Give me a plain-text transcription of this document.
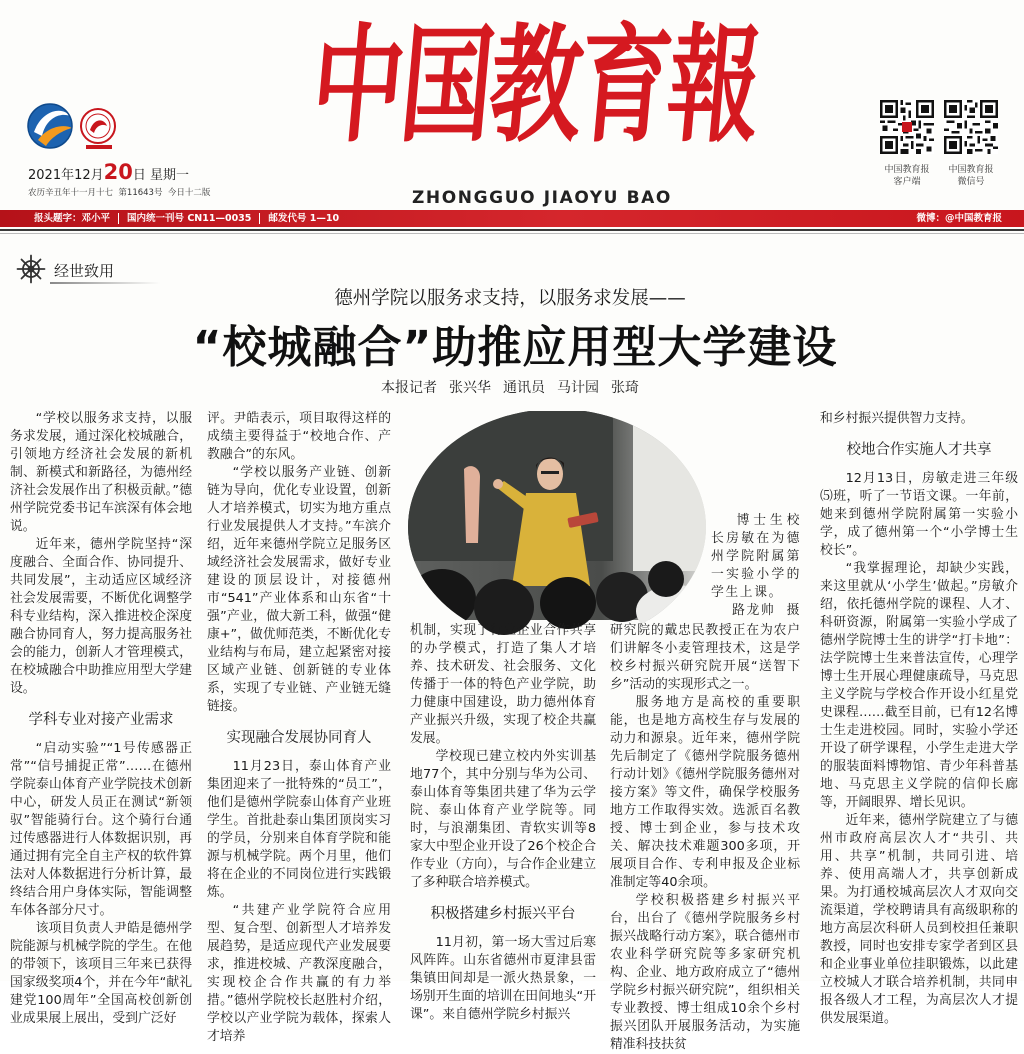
2021年12月20日 星期一
农历辛丑年十一月十七  第11643号  今日十二版
中国教育報
ZHONGGUO JIAOYU BAO
中国教育报
客户端
中国教育报
微信号
报头题字：邓小平 国内统一刊号 CN11—0035 邮发代号 1—10	微博：@中国教育报
经世致用
德州学院以服务求支持，以服务求发展——
“校城融合”助推应用型大学建设
本报记者 张兴华 通讯员 马计园 张琦
博士生校长房敏在为德州学院附属第一实验小学的学生上课。
路龙帅  摄

“学校以服务求支持，以服务求发展，通过深化校城融合，引领地方经济社会发展的新机制、新模式和新路径，为德州经济社会发展作出了积极贡献。”德州学院党委书记车滨深有体会地说。

近年来，德州学院坚持“深度融合、全面合作、协同提升、共同发展”，主动适应区域经济社会发展需要，不断优化调整学科专业结构，深入推进校企深度融合协同育人，努力提高服务社会的能力，创新人才管理模式，在校城融合中助推应用型大学建设。

学科专业对接产业需求

“启动实验”“1号传感器正常”“信号捕捉正常”……在德州学院泰山体育产业学院技术创新中心，研发人员正在测试“新领驭”智能骑行台。这个骑行台通过传感器进行人体数据识别，再通过拥有完全自主产权的软件算法对人体数据进行分析计算，最终结合用户身体实际，智能调整车体各部分尺寸。

该项目负责人尹皓是德州学院能源与机械学院的学生。在他的带领下，该项目三年来已获得国家级奖项4个，并在今年“献礼建党100周年”全国高校创新创业成果展上展出，受到广泛好

评。尹皓表示，项目取得这样的成绩主要得益于“校地合作、产教融合”的东风。

“学校以服务产业链、创新链为导向，优化专业设置，创新人才培养模式，切实为地方重点行业发展提供人才支持。”车滨介绍，近年来德州学院立足服务区域经济社会发展需求，做好专业建设的顶层设计，对接德州市“541”产业体系和山东省“十强”产业，做大新工科，做强“健康+”，做优师范类，不断优化专业结构与布局，建立起紧密对接区域产业链、创新链的专业体系，实现了专业链、产业链无缝链接。

实现融合发展协同育人

11月23日，泰山体育产业集团迎来了一批特殊的“员工”，他们是德州学院泰山体育产业班学生。首批赴泰山集团顶岗实习的学员，分别来自体育学院和能源与机械学院。两个月里，他们将在企业的不同岗位进行实践锻炼。

“共建产业学院符合应用型、复合型、创新型人才培养发展趋势，是适应现代产业发展要求，推进校城、产教深度融合，实现校企合作共赢的有力举措。”德州学院校长赵胜村介绍，学校以产业学院为载体，探索人才培养

机制，实现了行业企业合作共享的办学模式，打造了集人才培养、技术研发、社会服务、文化传播于一体的特色产业学院，助力健康中国建设，助力德州体育产业振兴升级，实现了校企共赢发展。

学校现已建立校内外实训基地77个，其中分别与华为公司、泰山体育等集团共建了华为云学院、泰山体育产业学院等。同时，与浪潮集团、青软实训等8家大中型企业开设了26个校企合作专业（方向），与合作企业建立了多种联合培养模式。

积极搭建乡村振兴平台

11月初，第一场大雪过后寒风阵阵。山东省德州市夏津县雷集镇田间却是一派火热景象，一场别开生面的培训在田间地头“开课”。来自德州学院乡村振兴

研究院的戴忠民教授正在为农户们讲解冬小麦管理技术，这是学校乡村振兴研究院开展“送智下乡”活动的实现形式之一。

服务地方是高校的重要职能，也是地方高校生存与发展的动力和源泉。近年来，德州学院先后制定了《德州学院服务德州行动计划》《德州学院服务德州对接方案》等文件，确保学校服务地方工作取得实效。选派百名教授、博士到企业，参与技术攻关、解决技术难题300多项，开展项目合作、专利申报及企业标准制定等40余项。

学校积极搭建乡村振兴平台，出台了《德州学院服务乡村振兴战略行动方案》，联合德州市农业科学研究院等多家研究机构、企业、地方政府成立了“德州学院乡村振兴研究院”，组织相关专业教授、博士组成10余个乡村振兴团队开展服务活动，为实施精准科技扶贫

和乡村振兴提供智力支持。

校地合作实施人才共享

12月13日，房敏走进三年级⑸班，听了一节语文课。一年前，她来到德州学院附属第一实验小学，成了德州第一个“小学博士生校长”。

“我掌握理论，却缺少实践，来这里就从‘小学生’做起。”房敏介绍，依托德州学院的课程、人才、科研资源，附属第一实验小学成了德州学院博士生的讲学“打卡地”：法学院博士生来普法宣传，心理学博士生开展心理健康疏导，马克思主义学院与学校合作开设小红星党史课程……截至目前，已有12名博士生走进校园。同时，实验小学还开设了研学课程，小学生走进大学的服装面料博物馆、青少年科普基地、马克思主义学院的信仰长廊等，开阔眼界、增长见识。

近年来，德州学院建立了与德州市政府高层次人才“共引、共用、共享”机制，共同引进、培养、使用高端人才，共享创新成果。为打通校城高层次人才双向交流渠道，学校聘请具有高级职称的地方高层次科研人员到校担任兼职教授，同时也安排专家学者到区县和企业事业单位挂职锻炼，以此建立校城人才联合培养机制，共同申报各级人才工程，为高层次人才提供发展渠道。
